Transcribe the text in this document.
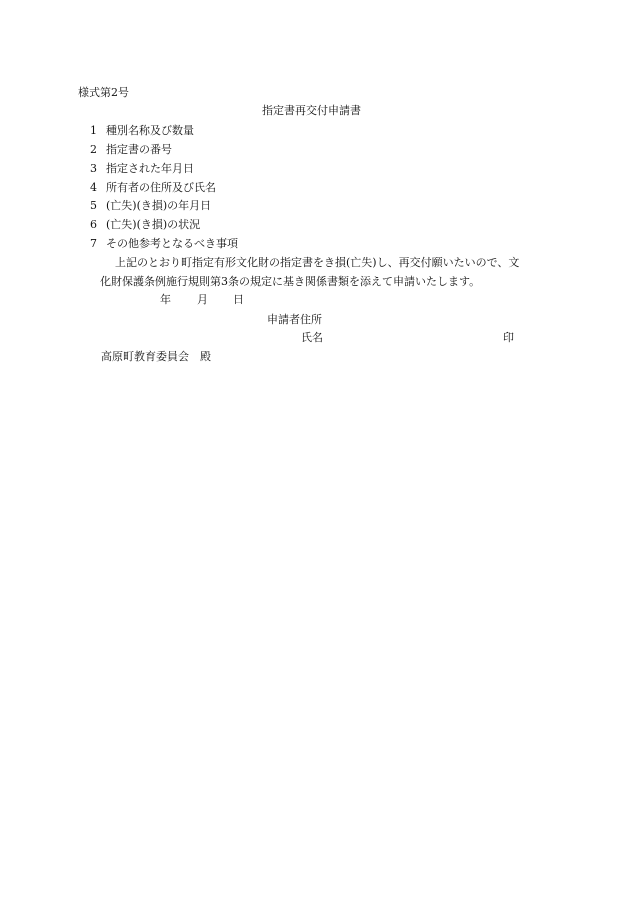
様式第2号
指定書再交付申請書
1 種別名称及び数量
2 指定書の番号
3 指定された年月日
4 所有者の住所及び氏名
5 (亡失)(き損)の年月日
6 (亡失)(き損)の状況
7 その他参考となるべき事項
上記のとおり町指定有形文化財の指定書をき損(亡失)し、再交付願いたいので、文
化財保護条例施行規則第3条の規定に基き関係書類を添えて申請いたします。
年 月 日
申請者住所
氏名	印
高原町教育委員会　殿
